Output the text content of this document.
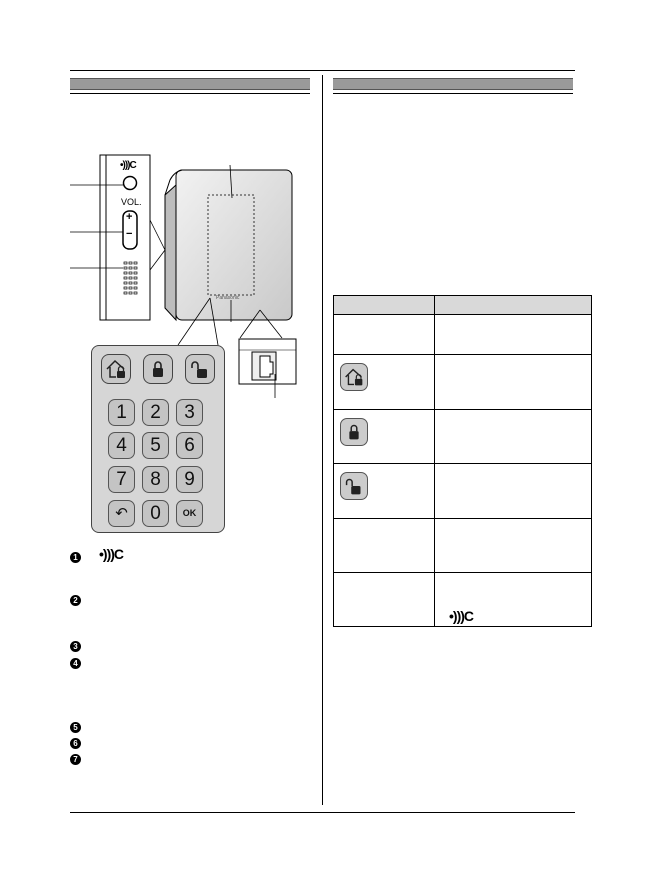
•)))C
VOL.
+
−
Panasonic
1	2	3
4	5	6
7	8	9
↶	0	OK
1 •)))C
2
3
4
5
6
7

	•)))C
